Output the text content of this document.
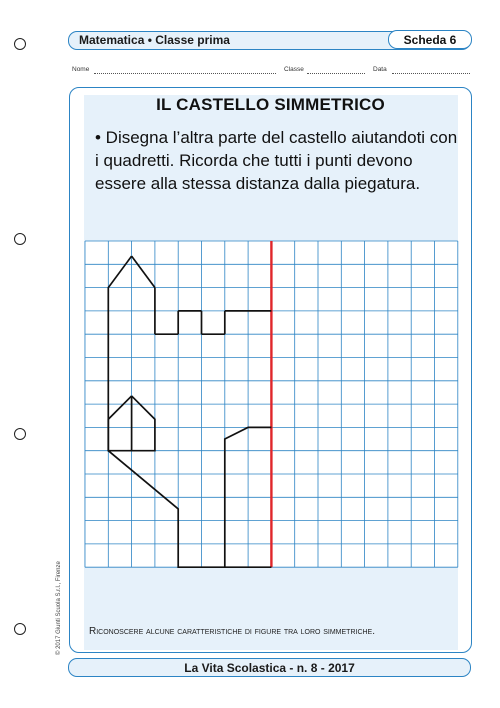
Matematica • Classe prima	Scheda 6
Nome	Classe	Data
IL CASTELLO SIMMETRICO
• Disegna l’altra parte del castello aiutandoti con i quadretti. Ricorda che tutti i punti devono essere alla stessa distanza dalla piegatura.
Riconoscere alcune caratteristiche di figure tra loro simmetriche.
© 2017 Giunti Scuola S.r.l., Firenze
La Vita Scolastica - n. 8 - 2017
